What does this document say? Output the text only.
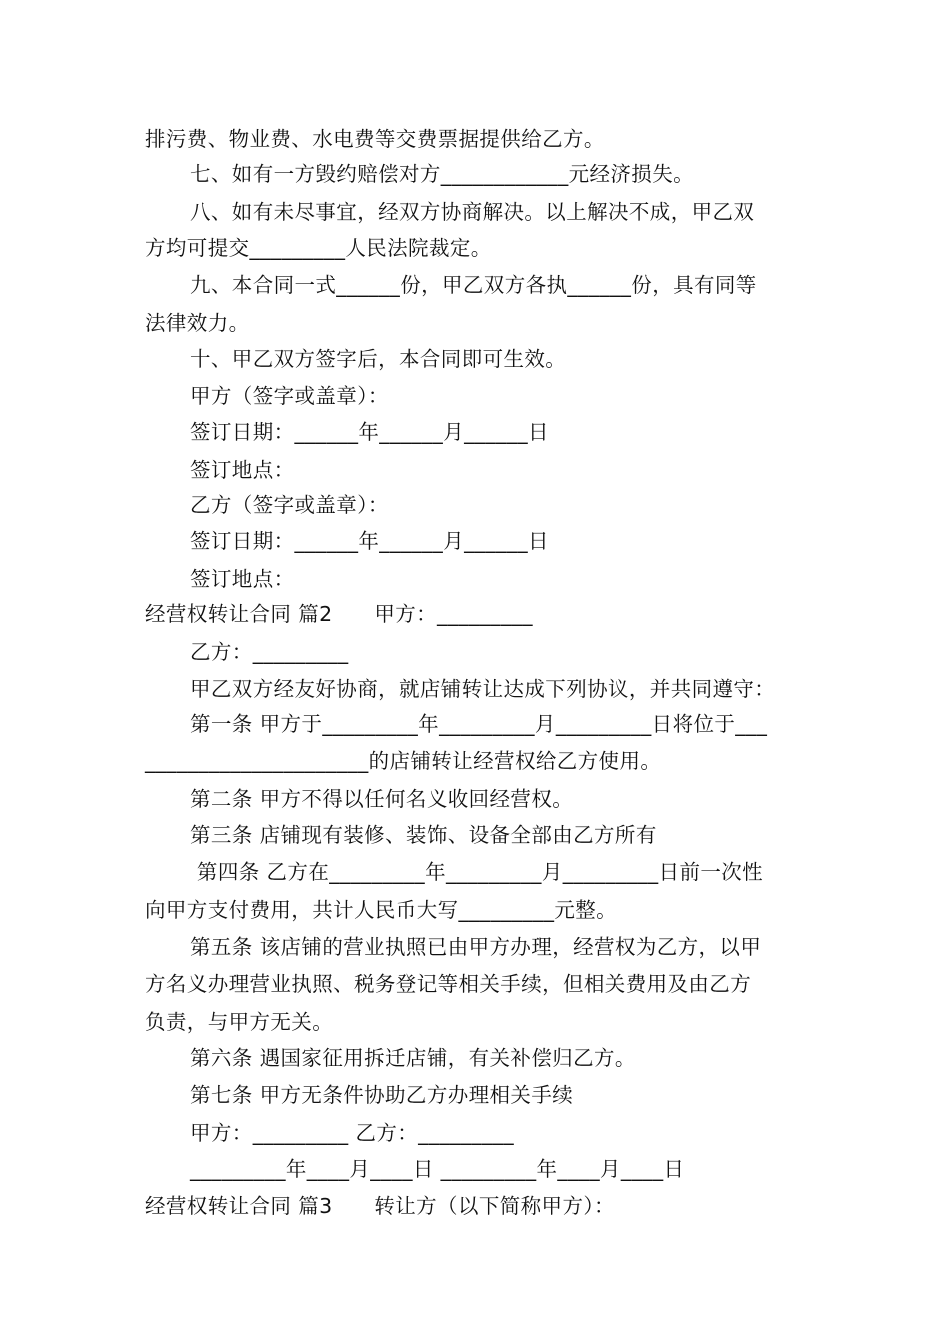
排污费、物业费、水电费等交费票据提供给乙方。
七、如有一方毁约赔偿对方____________元经济损失。
八、如有未尽事宜，经双方协商解决。以上解决不成，甲乙双
方均可提交_________人民法院裁定。
九、本合同一式______份，甲乙双方各执______份，具有同等
法律效力。
十、甲乙双方签字后，本合同即可生效。
甲方（签字或盖章）：
签订日期：______年______月______日
签订地点：
乙方（签字或盖章）：
签订日期：______年______月______日
签订地点：
经营权转让合同 篇2　　甲方：_________
乙方：_________
甲乙双方经友好协商，就店铺转让达成下列协议，并共同遵守：
第一条 甲方于_________年_________月_________日将位于___
_____________________的店铺转让经营权给乙方使用。
第二条 甲方不得以任何名义收回经营权。
第三条 店铺现有装修、装饰、设备全部由乙方所有
第四条 乙方在_________年_________月_________日前一次性
向甲方支付费用，共计人民币大写_________元整。
第五条 该店铺的营业执照已由甲方办理，经营权为乙方，以甲
方名义办理营业执照、税务登记等相关手续，但相关费用及由乙方
负责，与甲方无关。
第六条 遇国家征用拆迁店铺，有关补偿归乙方。
第七条 甲方无条件协助乙方办理相关手续
甲方：_________ 乙方：_________
_________年____月____日 _________年____月____日
经营权转让合同 篇3　　转让方（以下简称甲方）：
